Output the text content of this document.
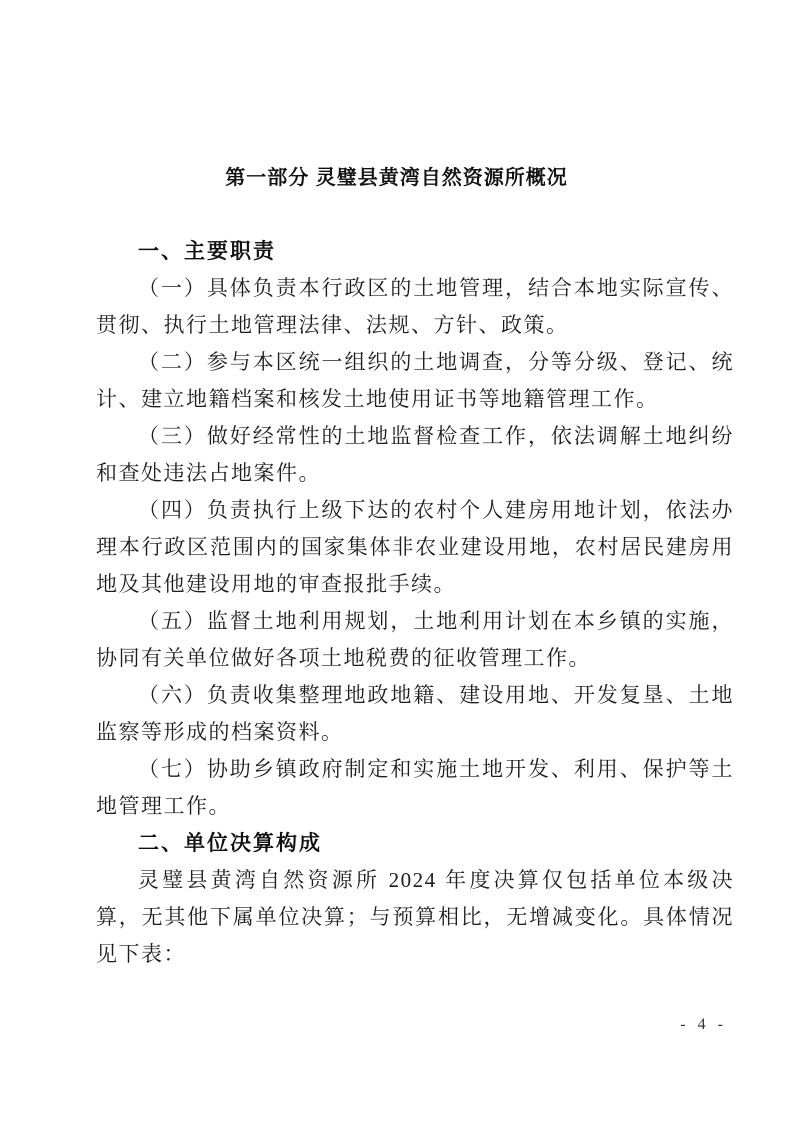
第一部分 灵璧县黄湾自然资源所概况
一、主要职责

（一）具体负责本行政区的土地管理，结合本地实际宣传、贯彻、执行土地管理法律、法规、方针、政策。

（二）参与本区统一组织的土地调查，分等分级、登记、统计、建立地籍档案和核发土地使用证书等地籍管理工作。

（三）做好经常性的土地监督检查工作，依法调解土地纠纷和查处违法占地案件。

（四）负责执行上级下达的农村个人建房用地计划，依法办理本行政区范围内的国家集体非农业建设用地，农村居民建房用地及其他建设用地的审查报批手续。

（五）监督土地利用规划，土地利用计划在本乡镇的实施，协同有关单位做好各项土地税费的征收管理工作。

（六）负责收集整理地政地籍、建设用地、开发复垦、土地监察等形成的档案资料。

（七）协助乡镇政府制定和实施土地开发、利用、保护等土地管理工作。

二、单位决算构成

灵璧县黄湾自然资源所 2024 年度决算仅包括单位本级决算，无其他下属单位决算；与预算相比，无增减变化。具体情况见下表：

- 4 -
